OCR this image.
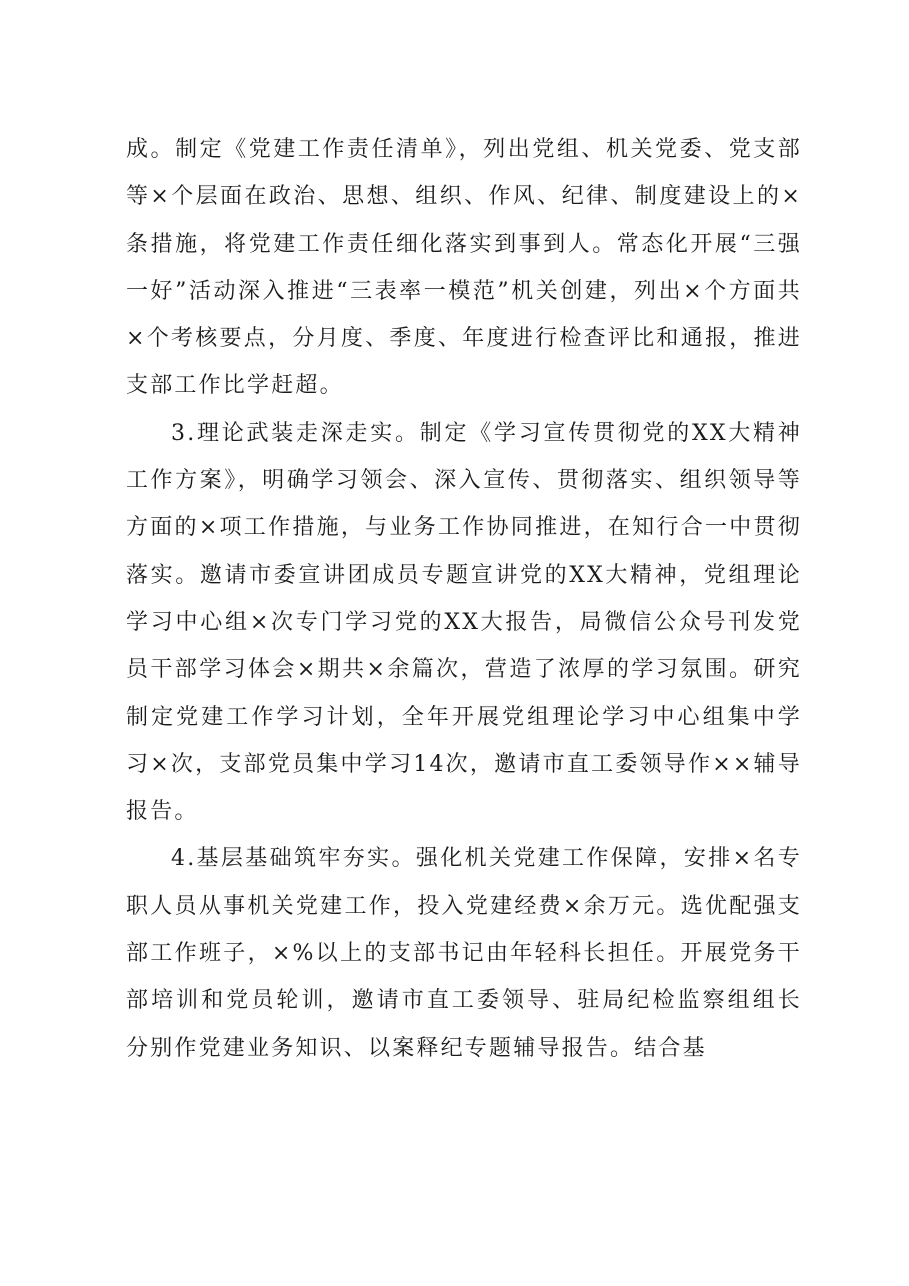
成。制定《党建工作责任清单》，列出党组、机关党委、党支部等×个层面在政治、思想、组织、作风、纪律、制度建设上的×条措施，将党建工作责任细化落实到事到人。常态化开展“三强一好”活动深入推进“三表率一模范”机关创建，列出×个方面共×个考核要点，分月度、季度、年度进行检查评比和通报，推进支部工作比学赶超。

3.理论武装走深走实。制定《学习宣传贯彻党的XX大精神工作方案》，明确学习领会、深入宣传、贯彻落实、组织领导等方面的×项工作措施，与业务工作协同推进，在知行合一中贯彻落实。邀请市委宣讲团成员专题宣讲党的XX大精神，党组理论学习中心组×次专门学习党的XX大报告，局微信公众号刊发党员干部学习体会×期共×余篇次，营造了浓厚的学习氛围。研究制定党建工作学习计划，全年开展党组理论学习中心组集中学习×次，支部党员集中学习14次，邀请市直工委领导作××辅导报告。

4.基层基础筑牢夯实。强化机关党建工作保障，安排×名专职人员从事机关党建工作，投入党建经费×余万元。选优配强支部工作班子，×%以上的支部书记由年轻科长担任。开展党务干部培训和党员轮训，邀请市直工委领导、驻局纪检监察组组长分别作党建业务知识、以案释纪专题辅导报告。结合基
